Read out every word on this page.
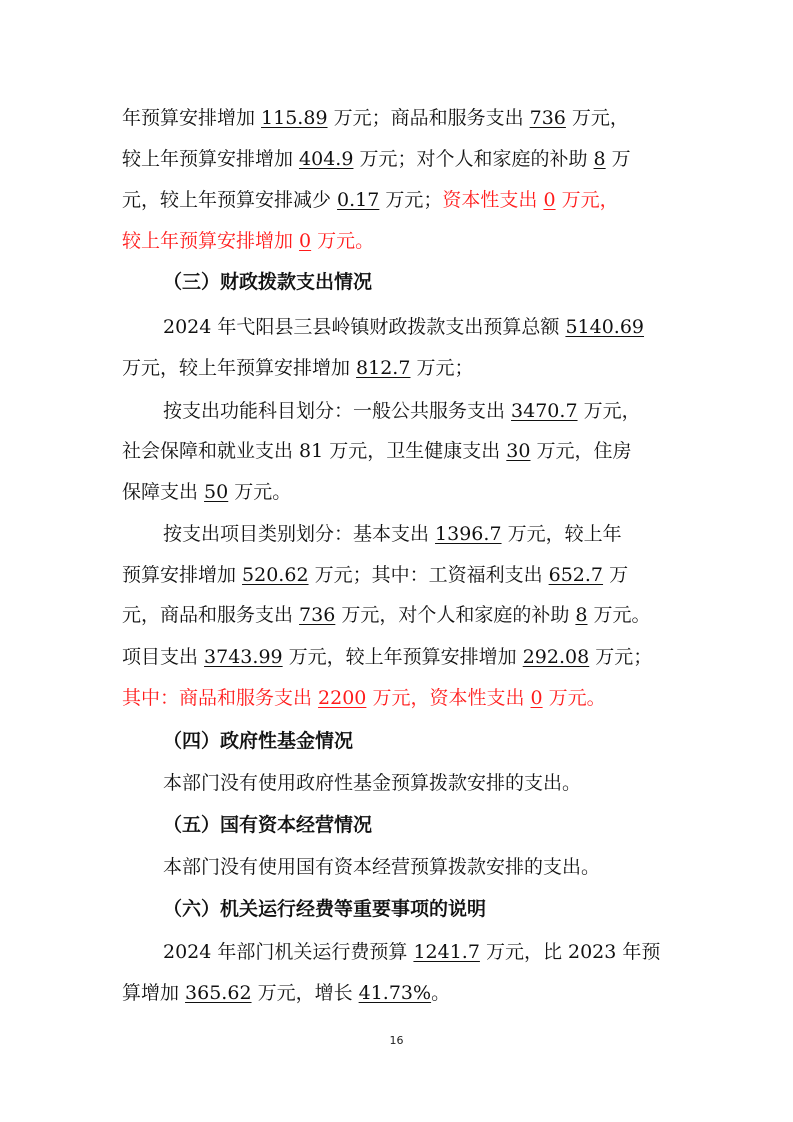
年预算安排增加 115.89 万元；商品和服务支出 736 万元，
较上年预算安排增加 404.9 万元；对个人和家庭的补助 8 万
元，较上年预算安排减少 0.17 万元；资本性支出 0 万元，
较上年预算安排增加 0 万元。
（三）财政拨款支出情况
2024 年弋阳县三县岭镇财政拨款支出预算总额 5140.69
万元，较上年预算安排增加 812.7 万元；
按支出功能科目划分：一般公共服务支出 3470.7 万元，
社会保障和就业支出 81 万元，卫生健康支出 30 万元，住房
保障支出 50 万元。
按支出项目类别划分：基本支出 1396.7 万元，较上年
预算安排增加 520.62 万元；其中：工资福利支出 652.7 万
元，商品和服务支出 736 万元，对个人和家庭的补助 8 万元。
项目支出 3743.99 万元，较上年预算安排增加 292.08 万元；
其中：商品和服务支出 2200 万元，资本性支出 0 万元。
（四）政府性基金情况
本部门没有使用政府性基金预算拨款安排的支出。
（五）国有资本经营情况
本部门没有使用国有资本经营预算拨款安排的支出。
（六）机关运行经费等重要事项的说明
2024 年部门机关运行费预算 1241.7 万元，比 2023 年预
算增加 365.62 万元，增长 41.73%。
16
